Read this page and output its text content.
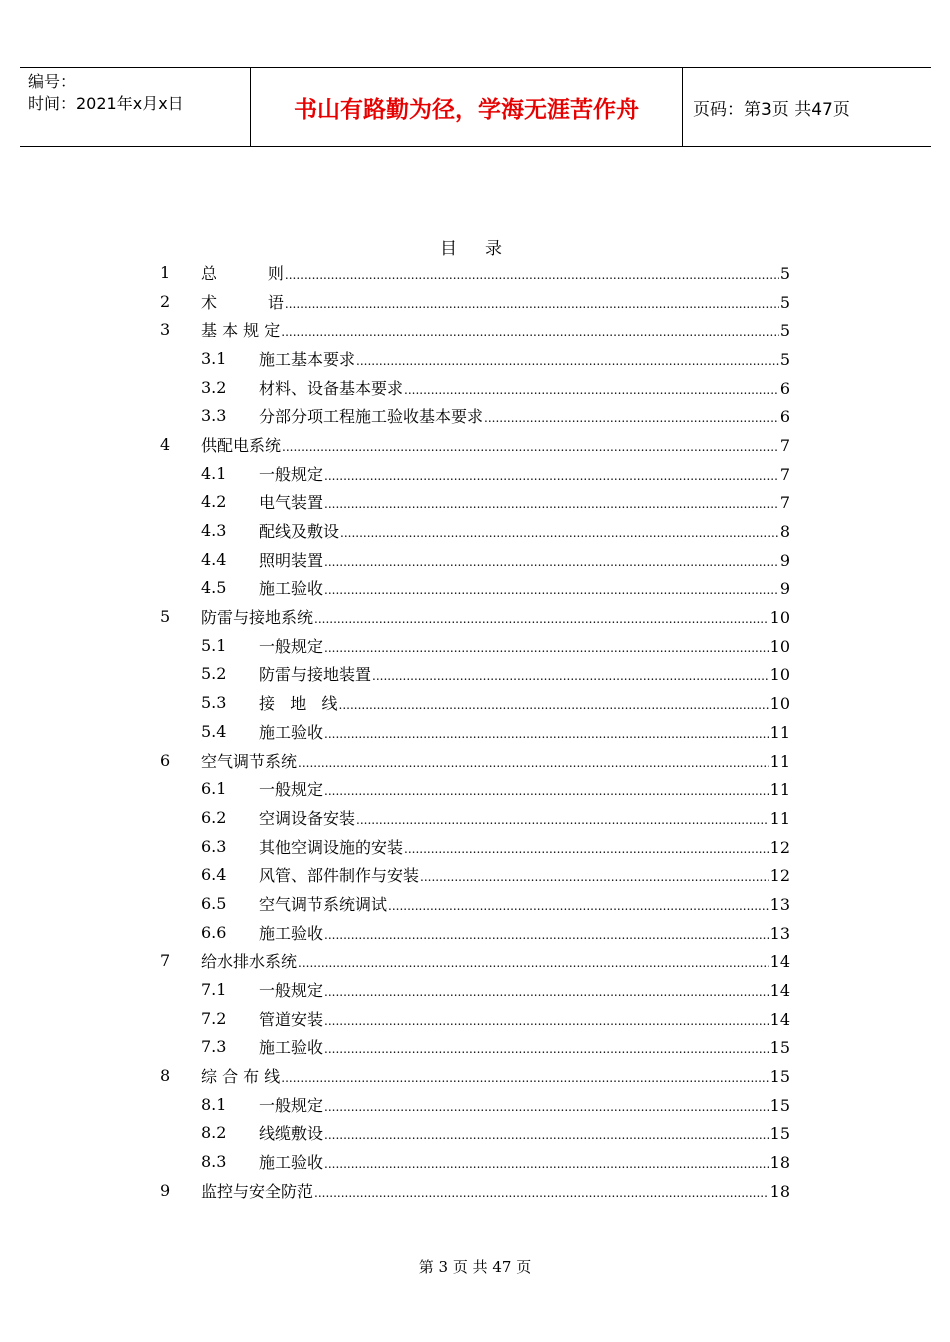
编号：
时间：2021年x月x日	书山有路勤为径，学海无涯苦作舟	页码：第3页 共47页
目录
1	总          则 .....	5
2	术          语 .....	5
3	基 本 规 定 .....	5
3.1	施工基本要求 .....	5
3.2	材料、设备基本要求 .....	6
3.3	分部分项工程施工验收基本要求 .....	6
4	供配电系统 .....	7
4.1	一般规定 .....	7
4.2	电气装置 .....	7
4.3	配线及敷设 .....	8
4.4	照明装置 .....	9
4.5	施工验收 .....	9
5	防雷与接地系统 .....	10
5.1	一般规定 .....	10
5.2	防雷与接地装置 .....	10
5.3	接   地   线 .....	10
5.4	施工验收 .....	11
6	空气调节系统 .....	11
6.1	一般规定 .....	11
6.2	空调设备安装 .....	11
6.3	其他空调设施的安装 .....	12
6.4	风管、部件制作与安装 .....	12
6.5	空气调节系统调试 .....	13
6.6	施工验收 .....	13
7	给水排水系统 .....	14
7.1	一般规定 .....	14
7.2	管道安装 .....	14
7.3	施工验收 .....	15
8	综 合 布 线 .....	15
8.1	一般规定 .....	15
8.2	线缆敷设 .....	15
8.3	施工验收 .....	18
9	监控与安全防范 .....	18
第 3 页 共 47 页
